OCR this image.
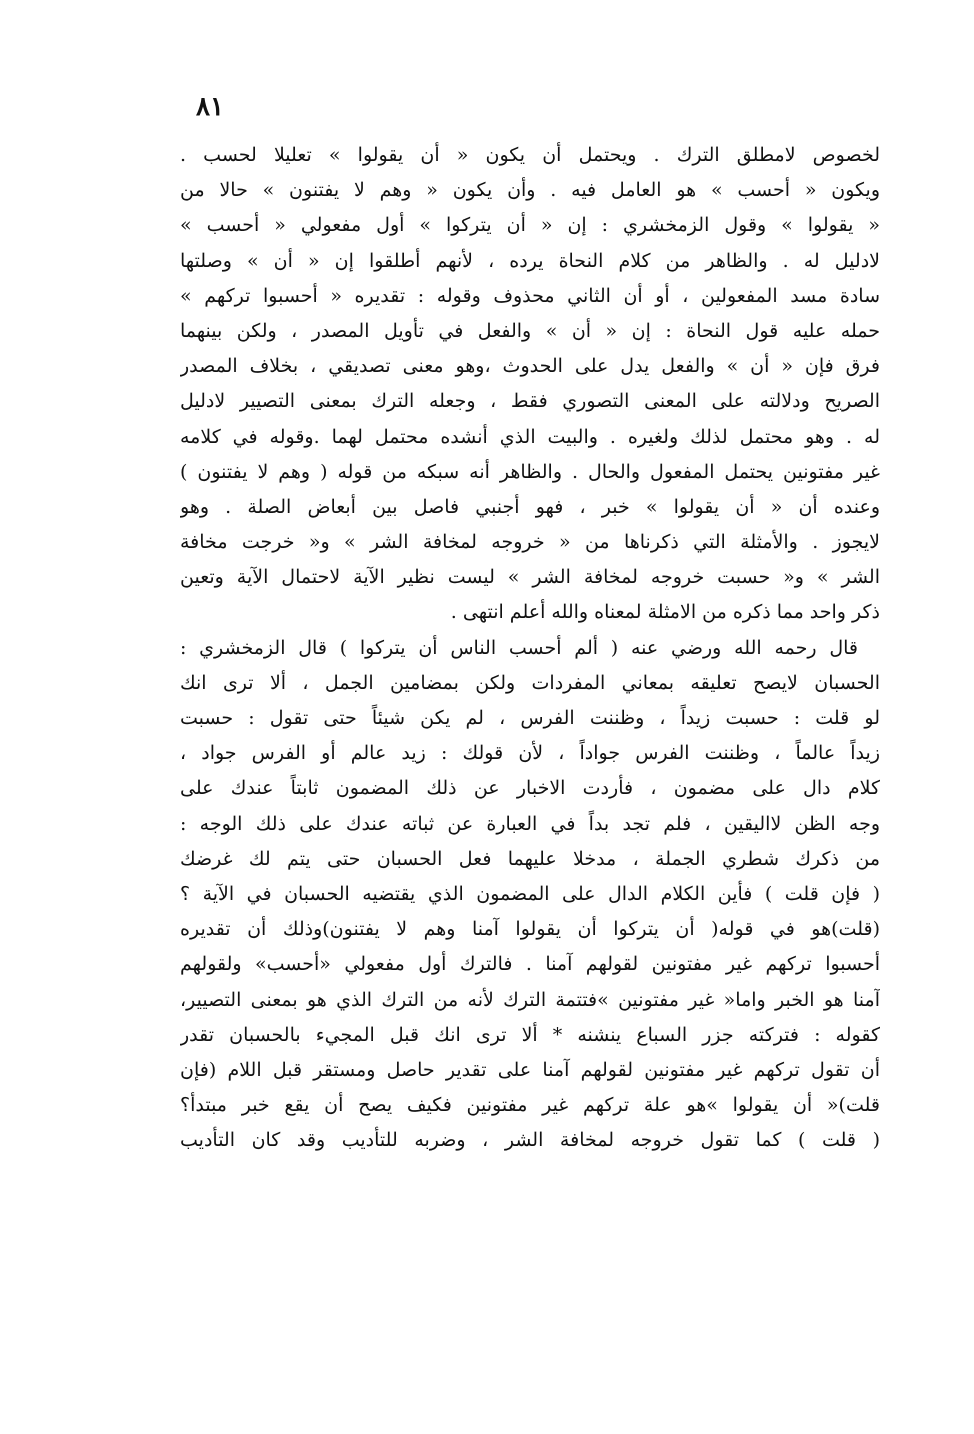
٨١
لخصوص لامطلق الترك . ويحتمل أن يكون « أن يقولوا » تعليلا لحسب .
ويكون « أحسب » هو العامل فيه . وأن يكون « وهم لا يفتنون » حالا من
« يقولوا » وقول الزمخشري : إن « أن يتركوا » أول مفعولي « أحسب »
لادليل له . والظاهر من كلام النحاة يرده ، لأنهم أطلقوا إن « أن » وصلتها
سادة مسد المفعولين ، أو أن الثاني محذوف وقوله : تقديره « أحسبوا تركهم »
حمله عليه قول النحاة : إن « أن » والفعل في تأويل المصدر ، ولكن بينهما
فرق فإن « أن » والفعل يدل على الحدوث ،وهو معنى تصديقي ، بخلاف المصدر
الصريح ودلالته على المعنى التصوري فقط ، وجعله الترك بمعنى التصيير لادليل
له . وهو محتمل لذلك ولغيره . والبيت الذي أنشده محتمل لهما .وقوله في كلامه
غير مفتونين يحتمل المفعول والحال . والظاهر أنه سبكه من قوله ( وهم لا يفتنون )
وعنده أن « أن يقولوا » خبر ، فهو أجنبي فاصل بين أبعاض الصلة . وهو
لايجوز . والأمثلة التي ذكرناها من « خروجه لمخافة الشر » و« خرجت مخافة
الشر » و« حسبت خروجه لمخافة الشر » ليست نظير الآية لاحتمال الآية وتعين
ذكر واحد مما ذكره من الامثلة لمعناه والله أعلم انتهى .
قال رحمه الله ورضي عنه ( ألم أحسب الناس أن يتركوا ) قال الزمخشري :
الحسبان لايصح تعليقه بمعاني المفردات ولكن بمضامين الجمل ، ألا ترى انك
لو قلت : حسبت زيداً ، وظننت الفرس ، لم يكن شيئاً حتى تقول : حسبت
زيداً عالماً ، وظننت الفرس جواداً ، لأن قولك : زيد عالم أو الفرس جواد ،
كلام دال على مضمون ، فأردت الاخبار عن ذلك المضمون ثابتاً عندك على
وجه الظن لااليقين ، فلم تجد بداً في العبارة عن ثباته عندك على ذلك الوجه :
من ذكرك شطري الجملة ، مدخلا عليهما فعل الحسبان حتى يتم لك غرضك
( فإن قلت ) فأين الكلام الدال على المضمون الذي يقتضيه الحسبان في الآية ؟
(قلت)هو في قوله( أن يتركوا أن يقولوا آمنا وهم لا يفتنون)وذلك أن تقديره
أحسبوا تركهم غير مفتونين لقولهم آمنا . فالترك أول مفعولي «أحسب» ولقولهم
آمنا هو الخبر واما« غير مفتونين »فتتمة الترك لأنه من الترك الذي هو بمعنى التصيير،
كقوله : فتركته جزر السباع ينشنه * ألا ترى انك قبل المجيء بالحسبان تقدر
أن تقول تركهم غير مفتونين لقولهم آمنا على تقدير حاصل ومستقر قبل اللام (فإن
قلت)« أن يقولوا »هو علة تركهم غير مفتونين فكيف يصح أن يقع خبر مبتدأ؟
( قلت ) كما تقول خروجه لمخافة الشر ، وضربه للتأديب وقد كان التأديب
